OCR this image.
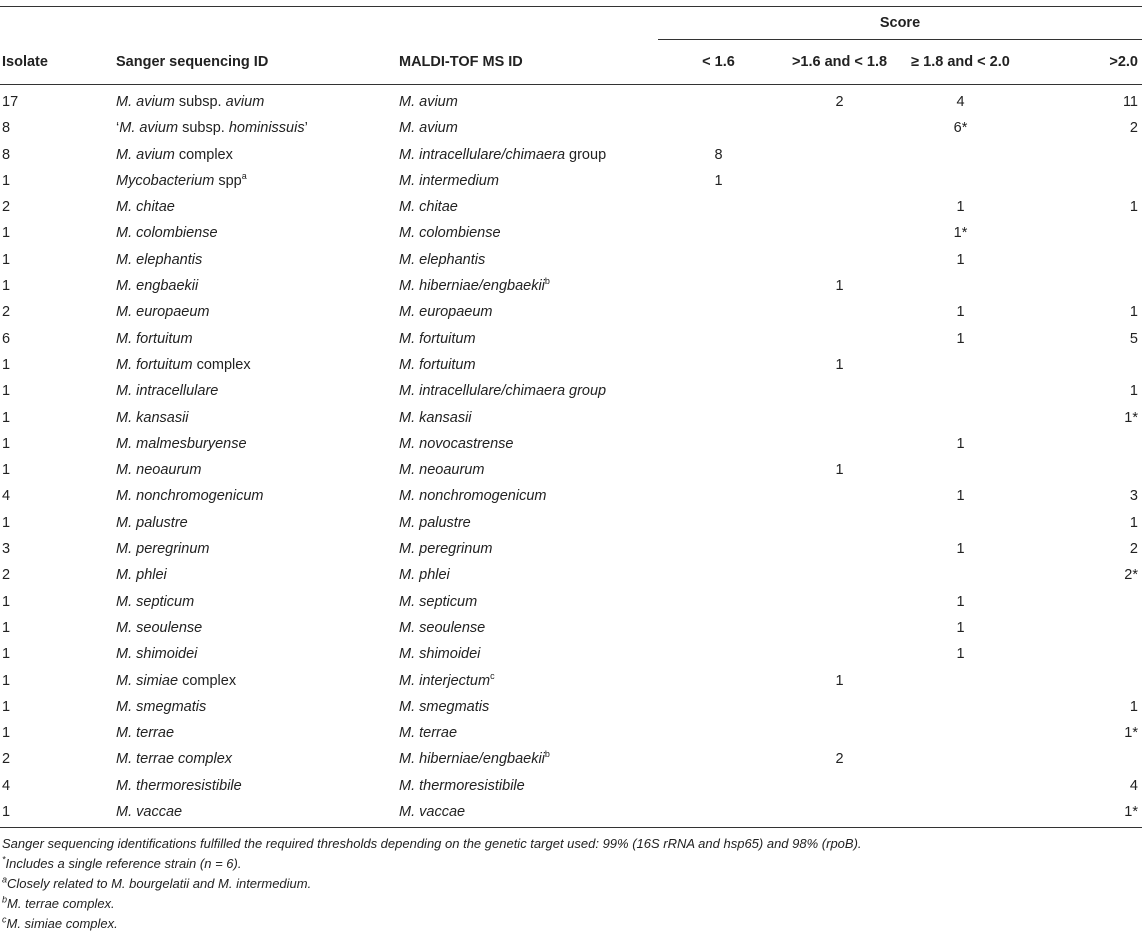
			Score			
Isolate	Sanger sequencing ID	MALDI-TOF MS ID	< 1.6	>1.6 and < 1.8	≥ 1.8 and < 2.0	>2.0
17	M. avium subsp. avium	M. avium		2	4	11
8	‘M. avium subsp. hominissuis’	M. avium			6*	2
8	M. avium complex	M. intracellulare/chimaera group	8			
1	Mycobacterium spp$^a$	M. intermedium	1			
2	M. chitae	M. chitae			1	1
1	M. colombiense	M. colombiense			1*	
1	M. elephantis	M. elephantis			1	
1	M. engbaekii	M. hiberniae/engbaekii$^b$		1		
2	M. europaeum	M. europaeum			1	1
6	M. fortuitum	M. fortuitum			1	5
1	M. fortuitum complex	M. fortuitum		1		
1	M. intracellulare	M. intracellulare/chimaera group				1
1	M. kansasii	M. kansasii				1*
1	M. malmesburyense	M. novocastrense			1	
1	M. neoaurum	M. neoaurum		1		
4	M. nonchromogenicum	M. nonchromogenicum			1	3
1	M. palustre	M. palustre				1
3	M. peregrinum	M. peregrinum			1	2
2	M. phlei	M. phlei				2*
1	M. septicum	M. septicum			1	
1	M. seoulense	M. seoulense			1	
1	M. shimoidei	M. shimoidei			1	
1	M. simiae complex	M. interjectum$^c$		1		
1	M. smegmatis	M. smegmatis				1
1	M. terrae	M. terrae				1*
2	M. terrae complex	M. hiberniae/engbaekii$^b$		2		
4	M. thermoresistibile	M. thermoresistibile				4
1	M. vaccae	M. vaccae				1*

Sanger sequencing identifications fulfilled the required thresholds depending on the genetic target used: 99% (16S rRNA and hsp65) and 98% (rpoB).

*Includes a single reference strain (n = 6).

$^a$Closely related to M. bourgelatii and M. intermedium.

$^b$M. terrae complex.

$^c$M. simiae complex.
